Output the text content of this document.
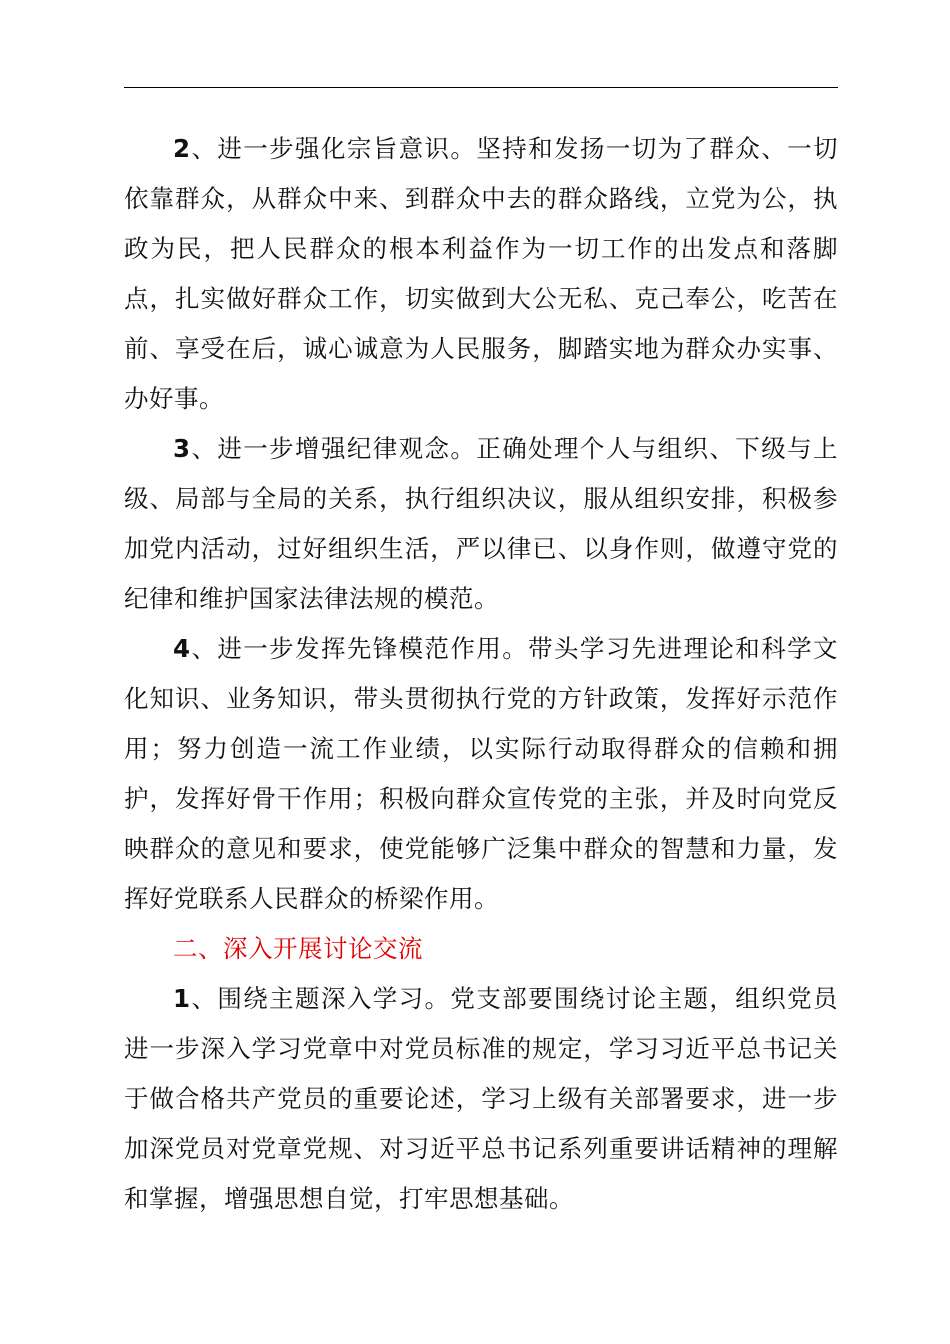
2、进一步强化宗旨意识。坚持和发扬一切为了群众、一切依靠群众，从群众中来、到群众中去的群众路线，立党为公，执政为民，把人民群众的根本利益作为一切工作的出发点和落脚点，扎实做好群众工作，切实做到大公无私、克己奉公，吃苦在前、享受在后，诚心诚意为人民服务，脚踏实地为群众办实事、办好事。

3、进一步增强纪律观念。正确处理个人与组织、下级与上级、局部与全局的关系，执行组织决议，服从组织安排，积极参加党内活动，过好组织生活，严以律已、以身作则，做遵守党的纪律和维护国家法律法规的模范。

4、进一步发挥先锋模范作用。带头学习先进理论和科学文化知识、业务知识，带头贯彻执行党的方针政策，发挥好示范作用；努力创造一流工作业绩，以实际行动取得群众的信赖和拥护，发挥好骨干作用；积极向群众宣传党的主张，并及时向党反映群众的意见和要求，使党能够广泛集中群众的智慧和力量，发挥好党联系人民群众的桥梁作用。

二、深入开展讨论交流

1、围绕主题深入学习。党支部要围绕讨论主题，组织党员进一步深入学习党章中对党员标准的规定，学习习近平总书记关于做合格共产党员的重要论述，学习上级有关部署要求，进一步加深党员对党章党规、对习近平总书记系列重要讲话精神的理解和掌握，增强思想自觉，打牢思想基础。
